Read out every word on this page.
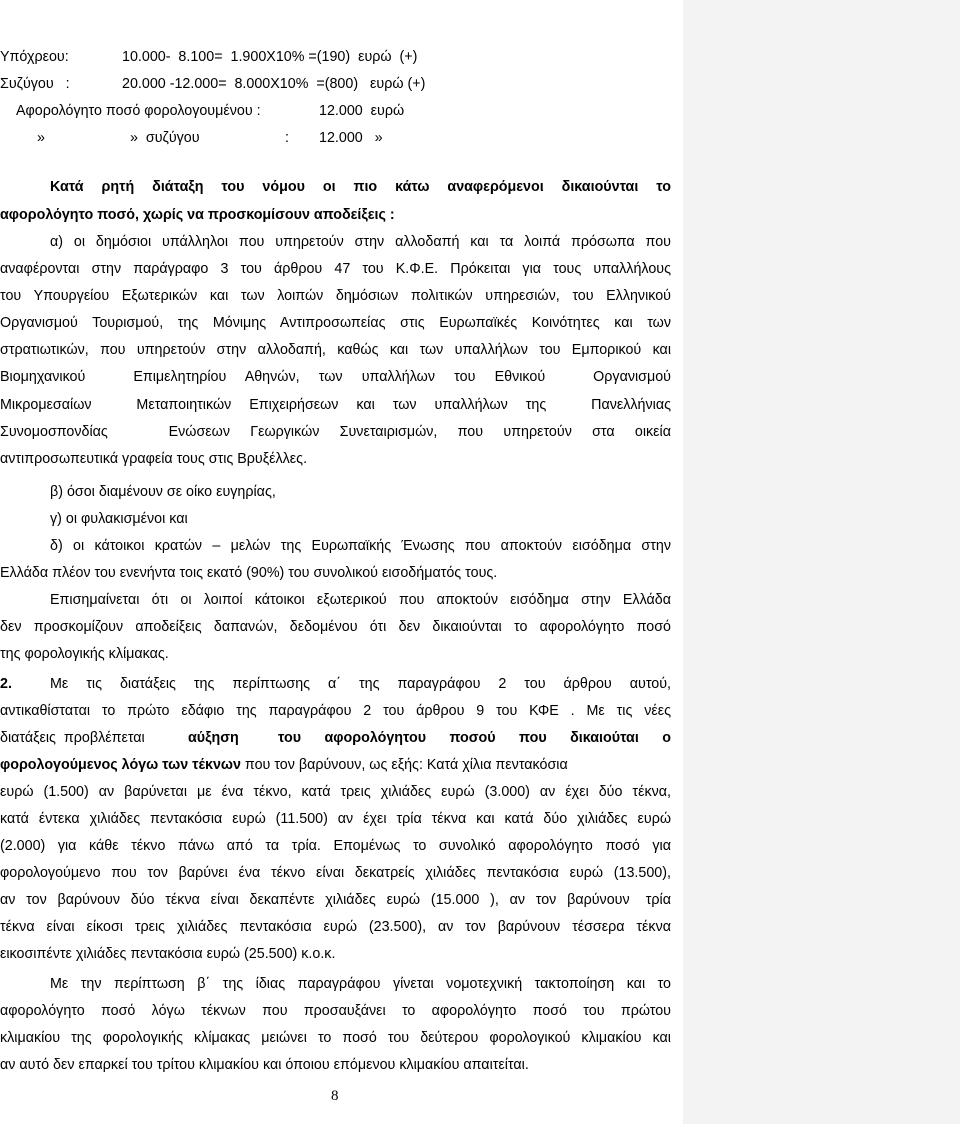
Υπόχρεου:	10.000-  8.100=  1.900Χ10% =(190)  ευρώ  (+)
Συζύγου   :	20.000 -12.000=  8.000Χ10%  =(800)   ευρώ (+)
Αφορολόγητο ποσό φορολογουμένου :	12.000  ευρώ
»	»  συζύγου	: 12.000   »
Κατά  ρητή  διάταξη  του  νόμου  οι  πιο  κάτω  αναφερόμενοι  δικαιούνται  το
αφορολόγητο ποσό, χωρίς να προσκομίσουν αποδείξεις :
α) οι δημόσιοι υπάλληλοι που υπηρετούν στην αλλοδαπή και τα λοιπά πρόσωπα που
αναφέρονται στην παράγραφο 3 του άρθρου 47 του Κ.Φ.Ε. Πρόκειται για τους υπαλλήλους
του Υπουργείου Εξωτερικών και των λοιπών δημόσιων πολιτικών υπηρεσιών, του Ελληνικού
Οργανισμού Τουρισμού, της Μόνιμης Αντιπροσωπείας στις Ευρωπαϊκές Κοινότητες και των
στρατιωτικών, που υπηρετούν στην αλλοδαπή, καθώς και των υπαλλήλων του Εμπορικού και
Βιομηχανικού     Επιμελητηρίου  Αθηνών,  των  υπαλλήλων  του  Εθνικού     Οργανισμού
Μικρομεσαίων     Μεταποιητικών  Επιχειρήσεων  και  των  υπαλλήλων  της     Πανελλήνιας
Συνομοσπονδίας      Ενώσεων  Γεωργικών  Συνεταιρισμών,  που  υπηρετούν  στα  οικεία
αντιπροσωπευτικά γραφεία τους στις Βρυξέλλες.
β) όσοι διαμένουν σε οίκο ευγηρίας,
γ) οι φυλακισμένοι και
δ) οι κάτοικοι κρατών – μελών της Ευρωπαϊκής Ένωσης που αποκτούν εισόδημα στην
Ελλάδα πλέον του ενενήντα τοις εκατό (90%) του συνολικού εισοδήματός τους.
Επισημαίνεται ότι οι λοιποί κάτοικοι εξωτερικού που αποκτούν εισόδημα στην Ελλάδα
δεν προσκομίζουν αποδείξεις δαπανών, δεδομένου ότι δεν δικαιούνται το αφορολόγητο ποσό
της φορολογικής κλίμακας.
2.	Με  τις  διατάξεις  της  περίπτωσης  α΄  της  παραγράφου  2  του  άρθρου  αυτού,
αντικαθίσταται το πρώτο εδάφιο της παραγράφου 2 του άρθρου 9 του ΚΦΕ . Με τις νέες
διατάξεις  προβλέπεται	αύξηση	του  αφορολόγητου  ποσού  που  δικαιούται  ο
φορολογούμενος λόγω των τέκνων που τον βαρύνουν, ως εξής: Κατά χίλια πεντακόσια
ευρώ (1.500) αν βαρύνεται με ένα τέκνο, κατά τρεις χιλιάδες ευρώ (3.000) αν έχει δύο τέκνα,
κατά έντεκα χιλιάδες πεντακόσια ευρώ (11.500) αν έχει τρία τέκνα και κατά δύο χιλιάδες ευρώ
(2.000)  για  κάθε  τέκνο  πάνω  από  τα  τρία.  Επομένως  το  συνολικό  αφορολόγητο  ποσό  για
φορολογούμενο που τον βαρύνει ένα τέκνο είναι δεκατρείς χιλιάδες πεντακόσια ευρώ (13.500),
αν  τον  βαρύνουν  δύο  τέκνα  είναι  δεκαπέντε  χιλιάδες  ευρώ  (15.000  ),  αν  τον  βαρύνουν   τρία
τέκνα είναι είκοσι τρεις χιλιάδες πεντακόσια ευρώ (23.500), αν τον βαρύνουν τέσσερα τέκνα
εικοσιπέντε χιλιάδες πεντακόσια ευρώ (25.500) κ.ο.κ.
Με  την  περίπτωση  β΄  της  ίδιας  παραγράφου  γίνεται  νομοτεχνική  τακτοποίηση  και  το
αφορολόγητο  ποσό  λόγω  τέκνων  που  προσαυξάνει  το  αφορολόγητο  ποσό  του  πρώτου
κλιμακίου της φορολογικής κλίμακας μειώνει το ποσό του δεύτερου φορολογικού κλιμακίου και
αν αυτό δεν επαρκεί του τρίτου κλιμακίου και όποιου επόμενου κλιμακίου απαιτείται.
8
